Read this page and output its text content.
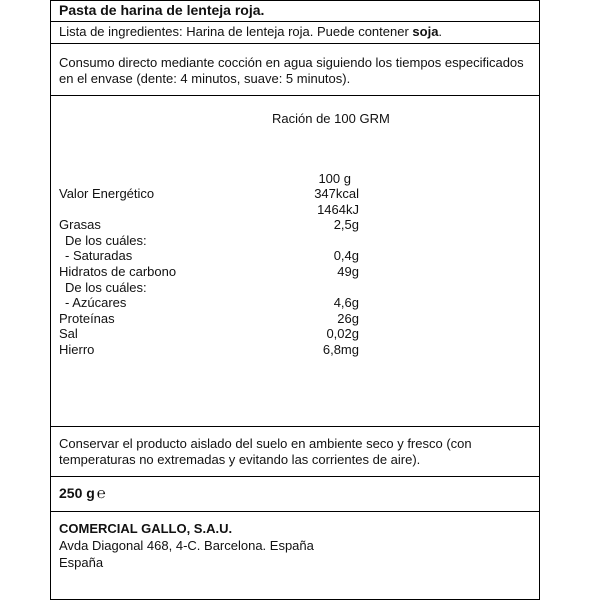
Pasta de harina de lenteja roja.
Lista de ingredientes: Harina de lenteja roja. Puede contener soja.
Consumo directo mediante cocción en agua siguiendo los tiempos especificados
en el envase (dente: 4 minutos, suave: 5 minutos).
Ración de 100 GRM
100 g
Valor Energético	347kcal
1464kJ
Grasas	2,5g
De los cuáles:
- Saturadas	0,4g
Hidratos de carbono	49g
De los cuáles:
- Azúcares	4,6g
Proteínas	26g
Sal	0,02g
Hierro	6,8mg
Conservar el producto aislado del suelo en ambiente seco y fresco (con
temperaturas no extremadas y evitando las corrientes de aire).
250 g ℮
COMERCIAL GALLO, S.A.U.
Avda Diagonal 468, 4-C. Barcelona. España
España
